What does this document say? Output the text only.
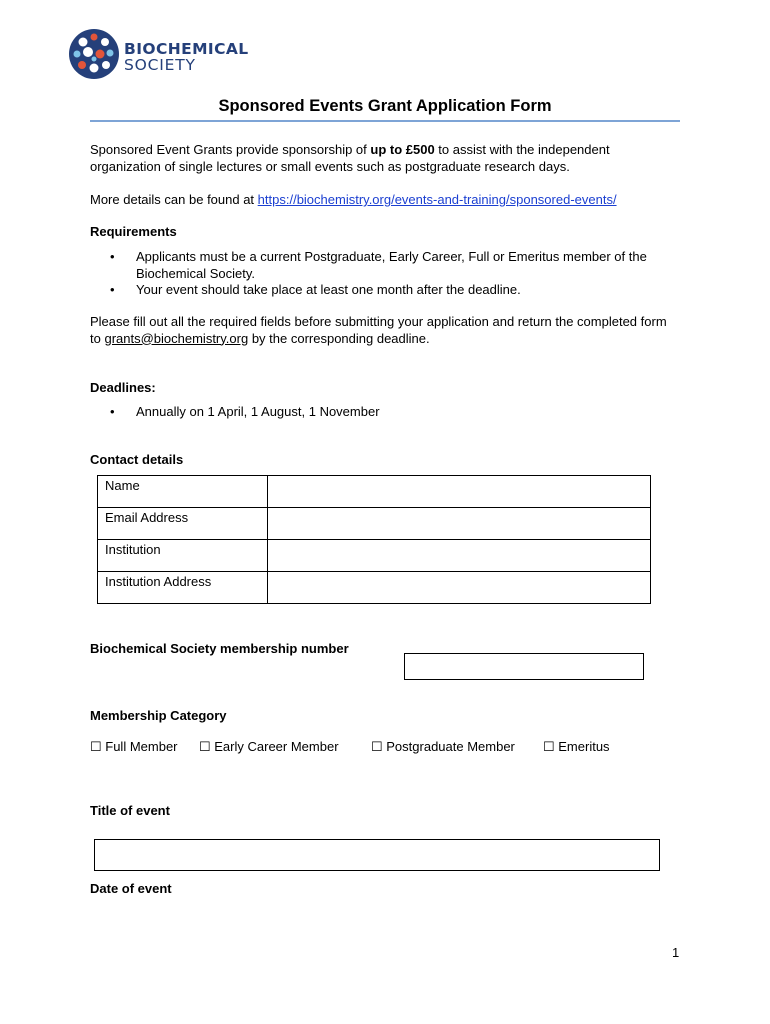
BIOCHEMICAL
SOCIETY
Sponsored Events Grant Application Form

Sponsored Event Grants provide sponsorship of up to £500 to assist with the independent organization of single lectures or small events such as postgraduate research days.

More details can be found at https://biochemistry.org/events-and-training/sponsored-events/

Requirements

• Applicants must be a current Postgraduate, Early Career, Full or Emeritus member of the Biochemical Society.
• Your event should take place at least one month after the deadline.

Please fill out all the required fields before submitting your application and return the completed form to grants@biochemistry.org by the corresponding deadline.

Deadlines:

• Annually on 1 April, 1 August, 1 November

Contact details

Name	
Email Address	
Institution	
Institution Address	

Biochemical Society membership number

Membership Category

☐ Full Member ☐ Early Career Member ☐ Postgraduate Member ☐ Emeritus

Title of event

Date of event

1
